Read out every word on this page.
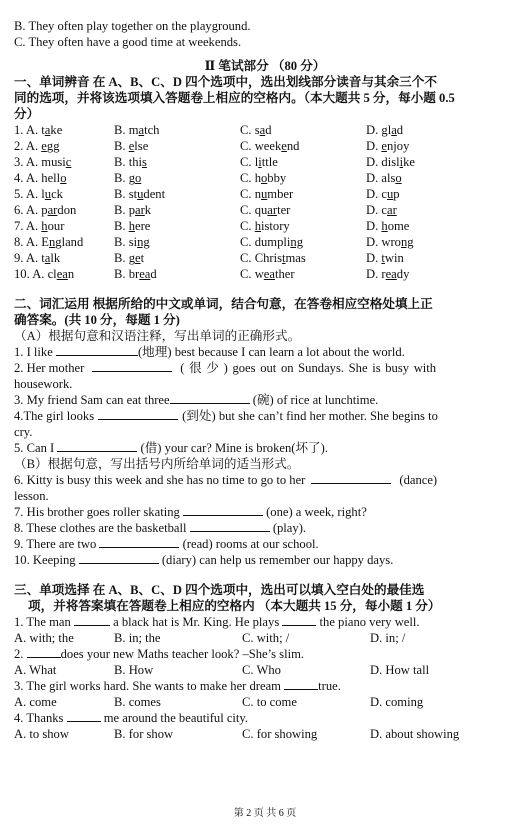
B. They often play together on the playground.
C. They often have a good time at weekends.
Ⅱ 笔试部分 （80 分）
一、单词辨音 在 A、B、C、D 四个选项中，选出划线部分读音与其余三个不
同的选项，并将该选项填入答题卷上相应的空格内。（本大题共 5 分，每小题 0.5
分）
1. A. take	B. match	C. sad	D. glad
2. A. egg	B. else	C. weekend	D. enjoy
3. A. music	B. this	C. little	D. dislike
4. A. hello	B. go	C. hobby	D. also
5. A. luck	B. student	C. number	D. cup
6. A. pardon	B. park	C. quarter	D. car
7. A. hour	B. here	C. history	D. home
8. A. England	B. sing	C. dumpling	D. wrong
9. A. talk	B. get	C. Christmas	D. twin
10. A. clean	B. bread	C. weather	D. ready
二、词汇运用 根据所给的中文或单词，结合句意，在答卷相应空格处填上正
确答案。(共 10 分，每题 1 分)
（A）根据句意和汉语注释，写出单词的正确形式。
1. I like	(地理) best because I can learn a lot about the world.
2. Her mother	( 很 少 ) goes out on Sundays. She is busy with
housework.
3. My friend Sam can eat three	(碗) of rice at lunchtime.
4.The girl looks	(到处) but she can’t find her mother. She begins to
cry.
5. Can I	(借) your car? Mine is broken(坏了).
（B）根据句意，写出括号内所给单词的适当形式。
6. Kitty is busy this week and she has no time to go to her	(dance)
lesson.
7. His brother goes roller skating	(one) a week, right?
8. These clothes are the basketball	(play).
9. There are two	(read) rooms at our school.
10. Keeping	(diary) can help us remember our happy days.
三、单项选择 在 A、B、C、D 四个选项中，选出可以填入空白处的最佳选
项，并将答案填在答题卷上相应的空格内 （本大题共 15 分，每小题 1 分）
1. The man	a black hat is Mr. King. He plays	the piano very well.
A. with; the	B. in; the	C. with; /	D. in; /
2.	does your new Maths teacher look? –She’s slim.
A. What	B. How	C. Who	D. How tall
3. The girl works hard. She wants to make her dream	true.
A. come	B. comes	C. to come	D. coming
4. Thanks	me around the beautiful city.
A. to show	B. for show	C. for showing	D. about showing
第 2 页 共 6 页
